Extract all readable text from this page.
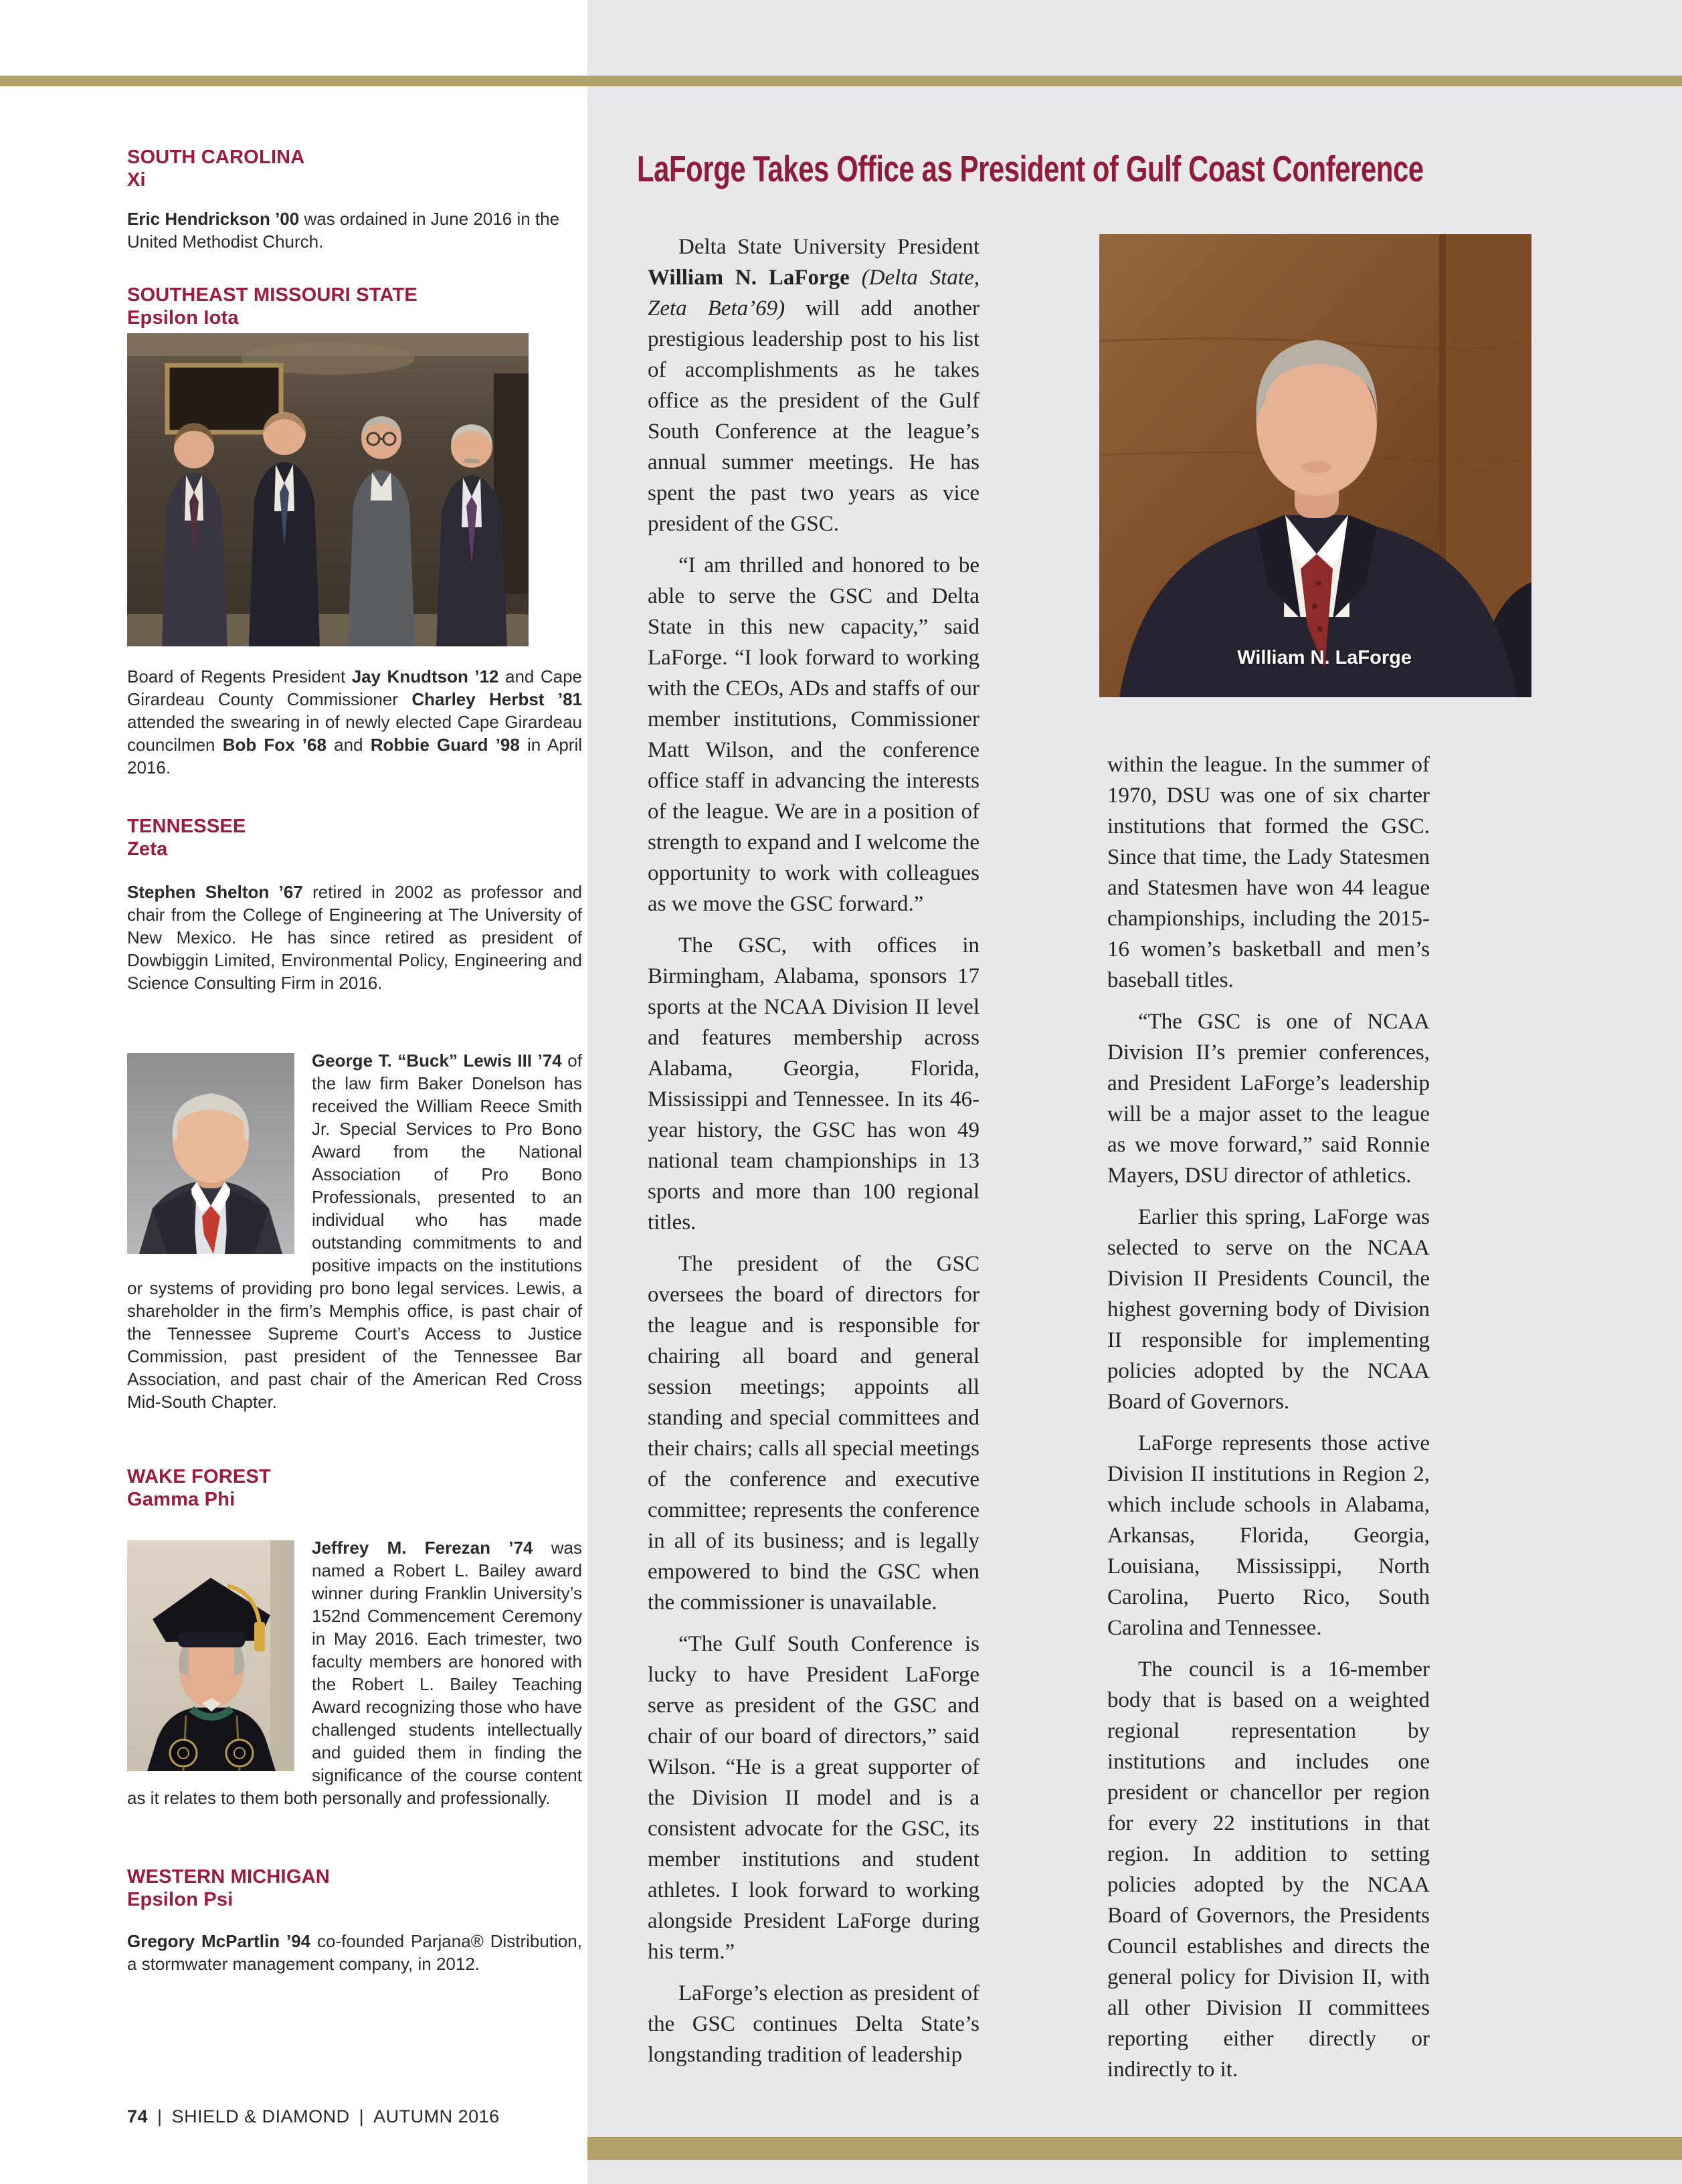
SOUTH CAROLINA
Xi
Eric Hendrickson ’00 was ordained in June 2016 in the United Methodist Church.
SOUTHEAST MISSOURI STATE
Epsilon Iota
Board of Regents President Jay Knudtson ’12 and Cape Girardeau County Commissioner Charley Herbst ’81 attended the swearing in of newly elected Cape Girardeau councilmen Bob Fox ’68 and Robbie Guard ’98 in April 2016.
TENNESSEE
Zeta
Stephen Shelton ’67 retired in 2002 as professor and chair from the College of Engineering at The University of New Mexico. He has since retired as president of Dowbiggin Limited, Environmental Policy, Engineering and Science Consulting Firm in 2016.
George T. “Buck” Lewis III ’74 of the law firm Baker Donelson has received the William Reece Smith Jr. Special Services to Pro Bono Award from the National Association of Pro Bono Professionals, presented to an individual who has made outstanding commitments to and positive impacts on the institutions or systems of providing pro bono legal services. Lewis, a shareholder in the firm’s Memphis office, is past chair of the Tennessee Supreme Court’s Access to Justice Commission, past president of the Tennessee Bar Association, and past chair of the American Red Cross Mid-South Chapter.
WAKE FOREST
Gamma Phi
Jeffrey M. Ferezan ’74 was named a Robert L. Bailey award winner during Franklin University’s 152nd Commencement Ceremony in May 2016. Each trimester, two faculty members are honored with the Robert L. Bailey Teaching Award recognizing those who have challenged students intellectually and guided them in finding the significance of the course content as it relates to them both personally and professionally.
WESTERN MICHIGAN
Epsilon Psi
Gregory McPartlin ’94 co-founded Parjana® Distribution, a stormwater management company, in 2012.
74 | SHIELD & DIAMOND | AUTUMN 2016
LaForge Takes Office as President of Gulf Coast Conference

Delta State University President William N. LaForge (Delta State, Zeta Beta’69) will add another prestigious leadership post to his list of accomplishments as he takes office as the president of the Gulf South Conference at the league’s annual summer meetings. He has spent the past two years as vice president of the GSC.

“I am thrilled and honored to be able to serve the GSC and Delta State in this new capacity,” said LaForge. “I look forward to working with the CEOs, ADs and staffs of our member institutions, Commissioner Matt Wilson, and the conference office staff in advancing the interests of the league. We are in a position of strength to expand and I welcome the opportunity to work with colleagues as we move the GSC forward.”

The GSC, with offices in Birmingham, Alabama, sponsors 17 sports at the NCAA Division II level and features membership across Alabama, Georgia, Florida, Mississippi and Tennessee. In its 46-year history, the GSC has won 49 national team championships in 13 sports and more than 100 regional titles.

The president of the GSC oversees the board of directors for the league and is responsible for chairing all board and general session meetings; appoints all standing and special committees and their chairs; calls all special meetings of the conference and executive committee; represents the conference in all of its business; and is legally empowered to bind the GSC when the commissioner is unavailable.

“The Gulf South Conference is lucky to have President LaForge serve as president of the GSC and chair of our board of directors,” said Wilson. “He is a great supporter of the Division II model and is a consistent advocate for the GSC, its member institutions and student athletes. I look forward to working alongside President LaForge during his term.”

LaForge’s election as president of the GSC continues Delta State’s longstanding tradition of leadership

William N. LaForge

within the league. In the summer of 1970, DSU was one of six charter institutions that formed the GSC. Since that time, the Lady Statesmen and Statesmen have won 44 league championships, including the 2015-16 women’s basketball and men’s baseball titles.

“The GSC is one of NCAA Division II’s premier conferences, and President LaForge’s leadership will be a major asset to the league as we move forward,” said Ronnie Mayers, DSU director of athletics.

Earlier this spring, LaForge was selected to serve on the NCAA Division II Presidents Council, the highest governing body of Division II responsible for implementing policies adopted by the NCAA Board of Governors.

LaForge represents those active Division II institutions in Region 2, which include schools in Alabama, Arkansas, Florida, Georgia, Louisiana, Mississippi, North Carolina, Puerto Rico, South Carolina and Tennessee.

The council is a 16-member body that is based on a weighted regional representation by institutions and includes one president or chancellor per region for every 22 institutions in that region. In addition to setting policies adopted by the NCAA Board of Governors, the Presidents Council establishes and directs the general policy for Division II, with all other Division II committees reporting either directly or indirectly to it.
